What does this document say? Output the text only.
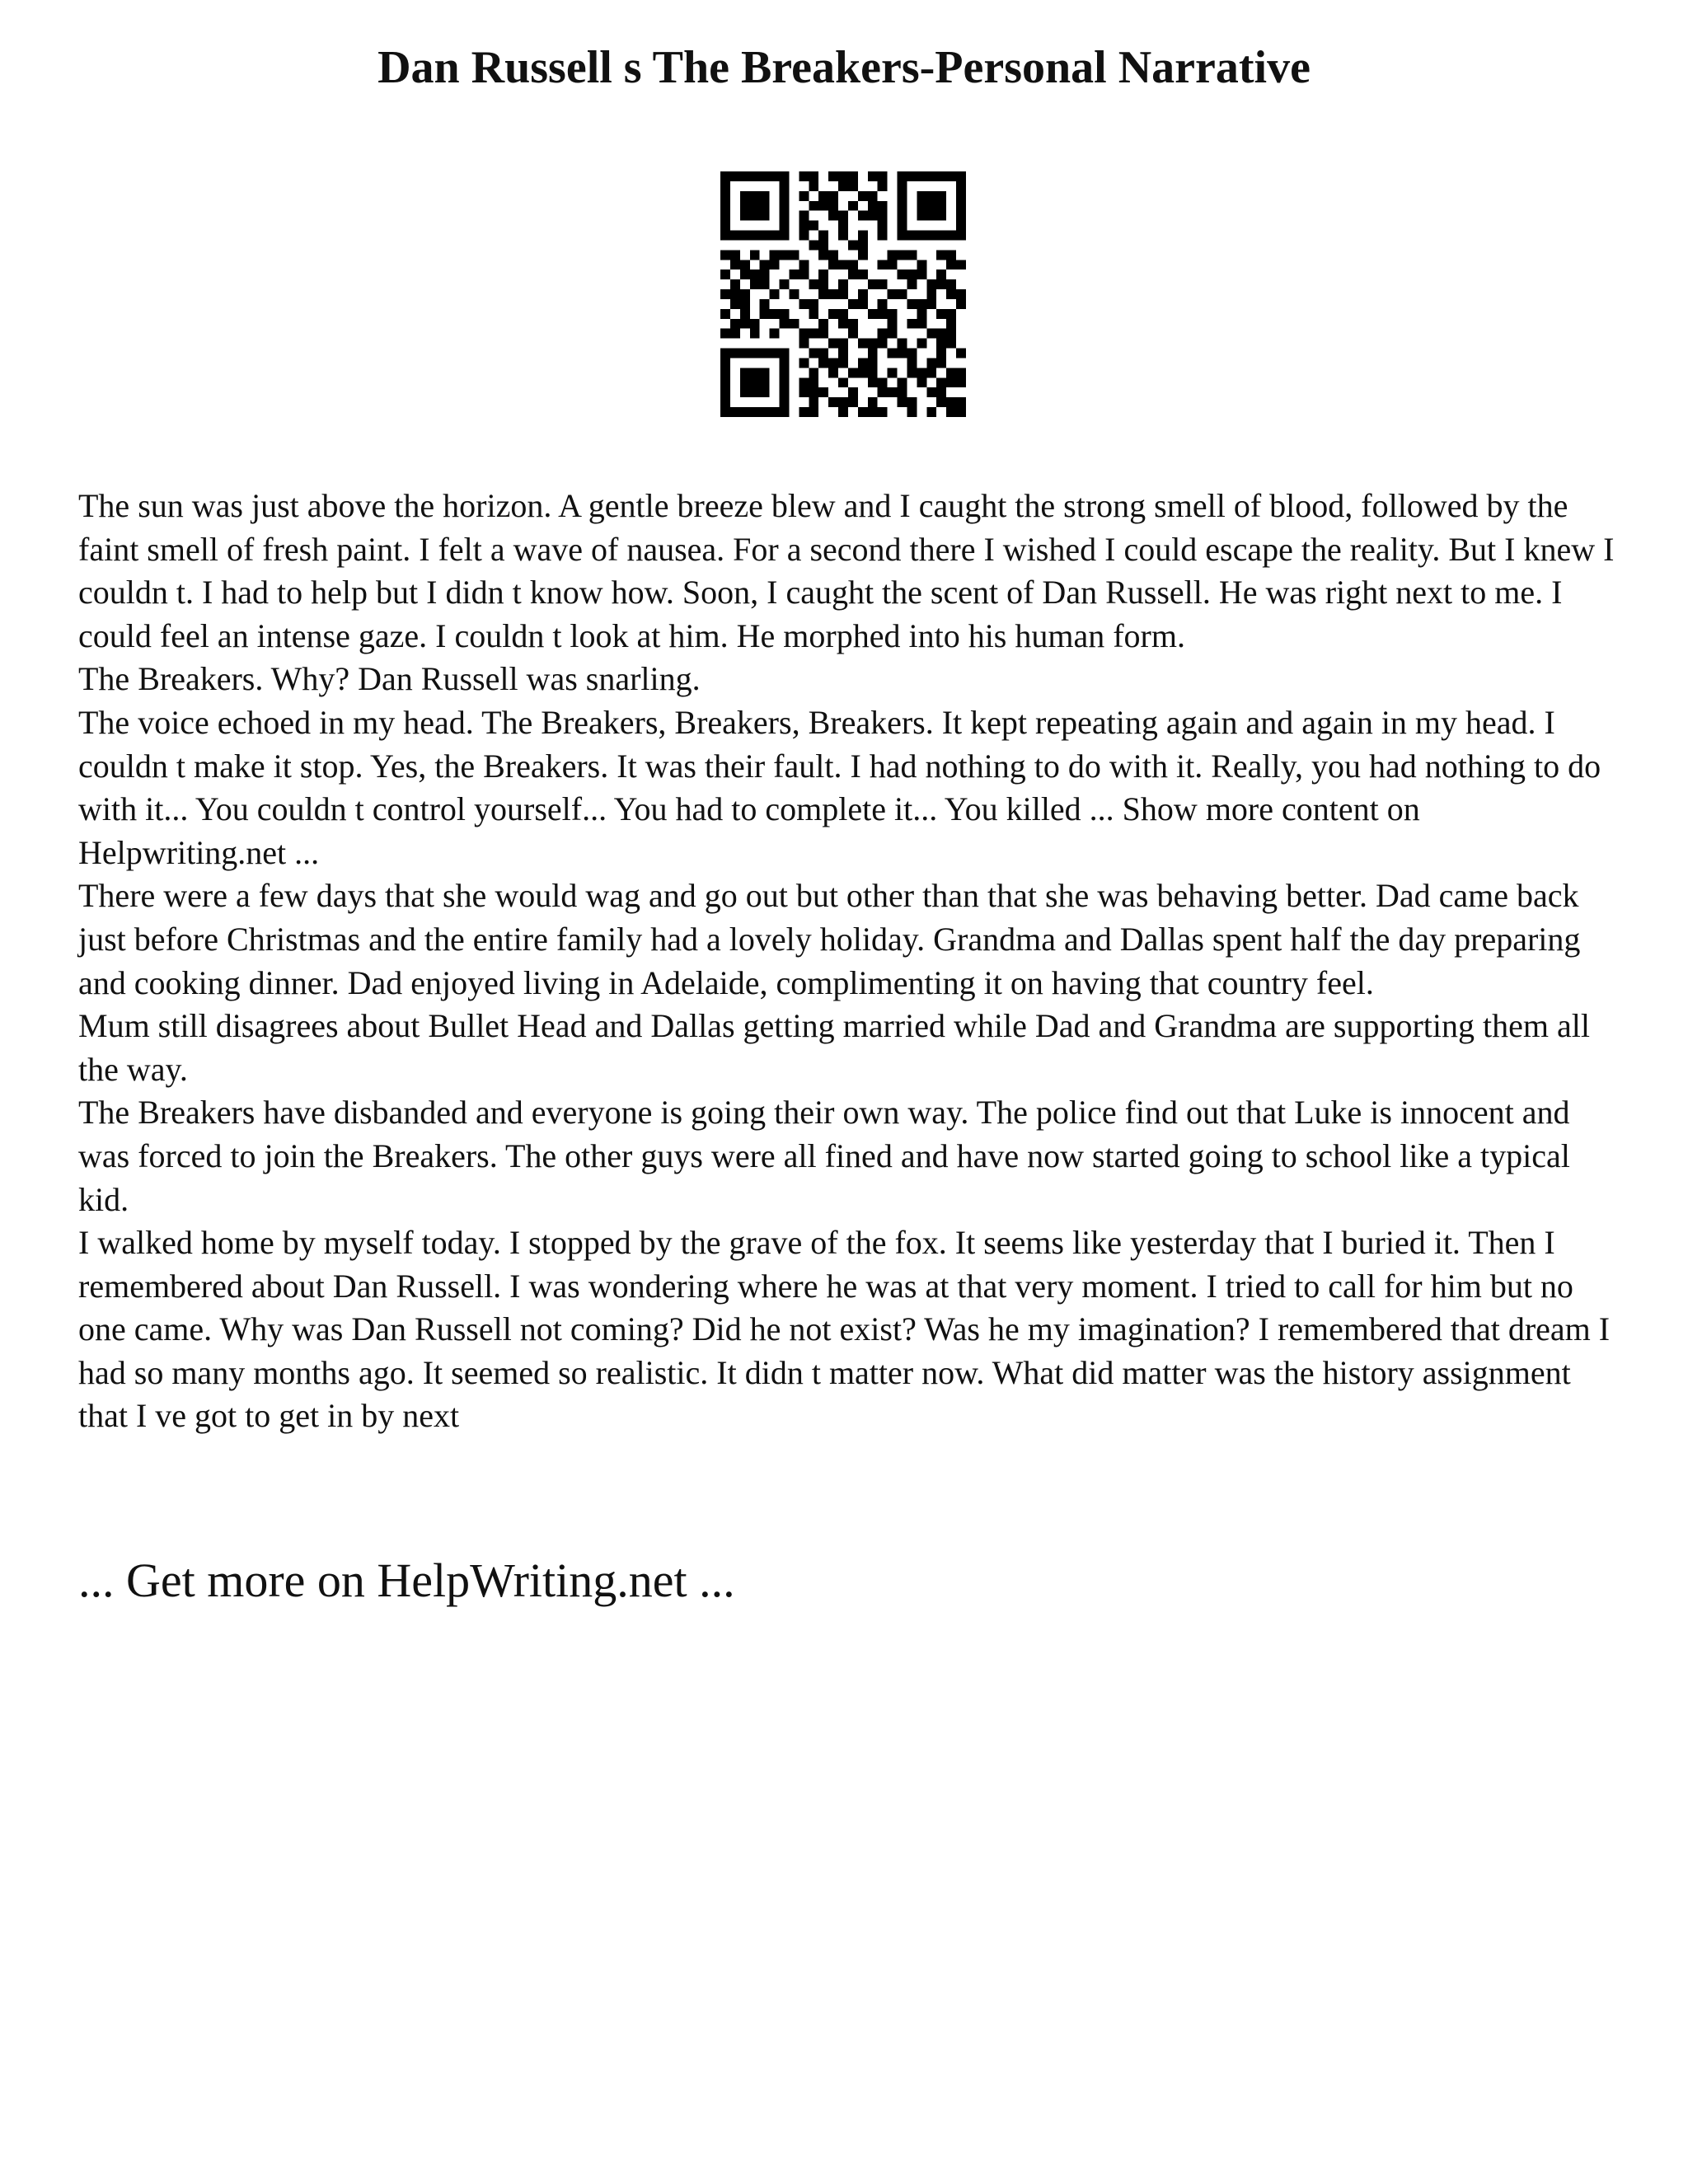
Dan Russell s The Breakers-Personal Narrative

The sun was just above the horizon. A gentle breeze blew and I caught the strong smell of blood, followed by the faint smell of fresh paint. I felt a wave of nausea. For a second there I wished I could escape the reality. But I knew I couldn t. I had to help but I didn t know how. Soon, I caught the scent of Dan Russell. He was right next to me. I could feel an intense gaze. I couldn t look at him. He morphed into his human form.

The Breakers. Why? Dan Russell was snarling.

The voice echoed in my head. The Breakers, Breakers, Breakers. It kept repeating again and again in my head. I couldn t make it stop. Yes, the Breakers. It was their fault. I had nothing to do with it. Really, you had nothing to do with it... You couldn t control yourself... You had to complete it... You killed ... Show more content on Helpwriting.net ...

There were a few days that she would wag and go out but other than that she was behaving better. Dad came back just before Christmas and the entire family had a lovely holiday. Grandma and Dallas spent half the day preparing and cooking dinner. Dad enjoyed living in Adelaide, complimenting it on having that country feel.

Mum still disagrees about Bullet Head and Dallas getting married while Dad and Grandma are supporting them all the way.

The Breakers have disbanded and everyone is going their own way. The police find out that Luke is innocent and was forced to join the Breakers. The other guys were all fined and have now started going to school like a typical kid.

I walked home by myself today. I stopped by the grave of the fox. It seems like yesterday that I buried it. Then I remembered about Dan Russell. I was wondering where he was at that very moment. I tried to call for him but no one came. Why was Dan Russell not coming? Did he not exist? Was he my imagination? I remembered that dream I had so many months ago. It seemed so realistic. It didn t matter now. What did matter was the history assignment that I ve got to get in by next

... Get more on HelpWriting.net ...
